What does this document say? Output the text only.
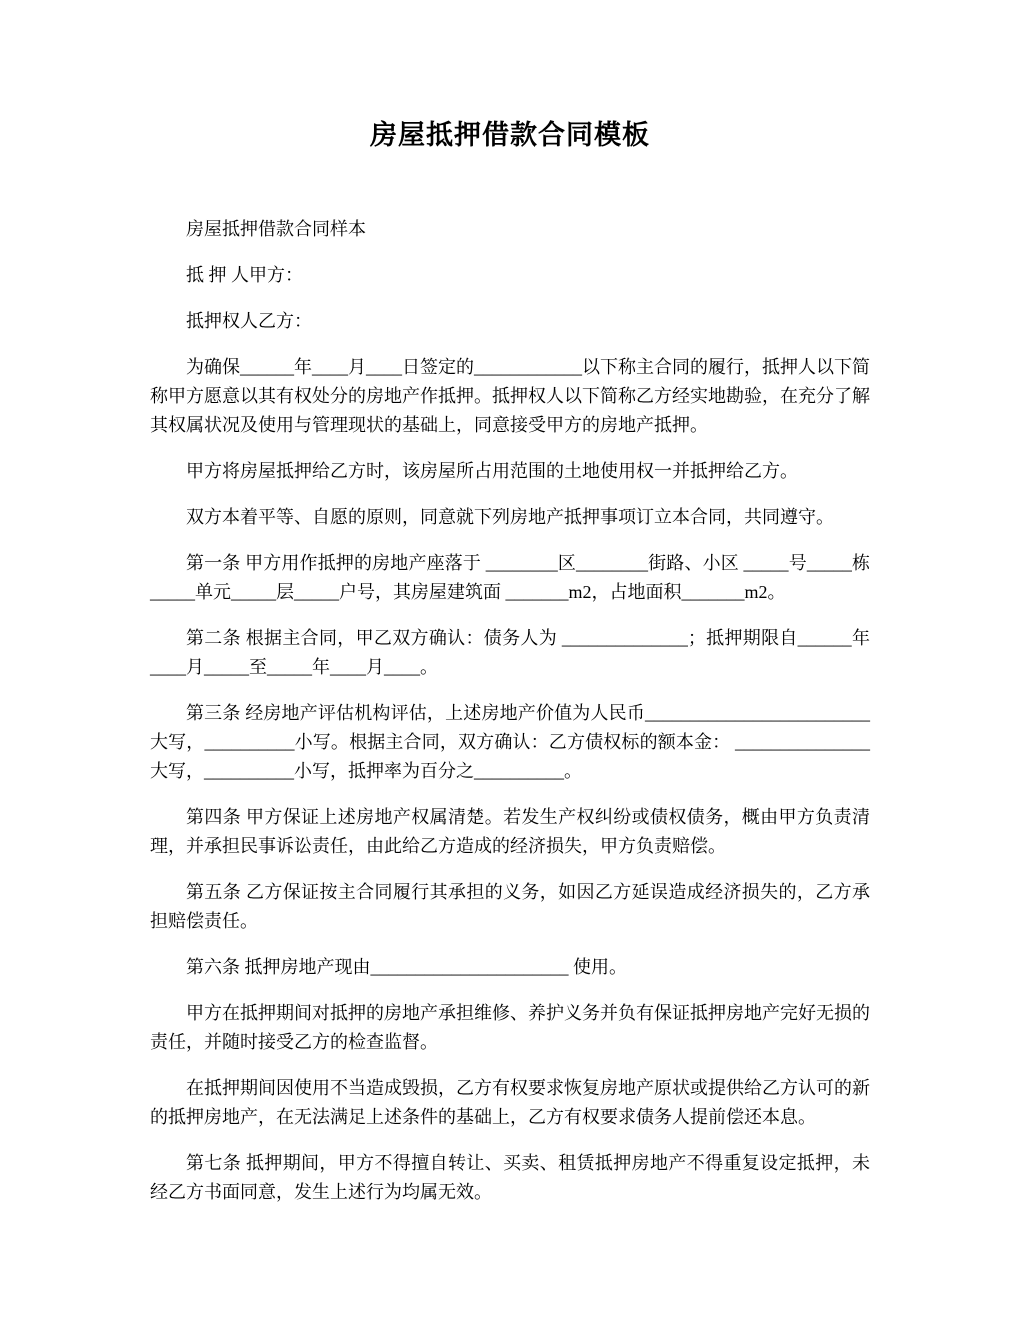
房屋抵押借款合同模板

房屋抵押借款合同样本

抵 押 人甲方：

抵押权人乙方：

为确保______年____月____日签定的____________以下称主合同的履行，抵押人以下简称甲方愿意以其有权处分的房地产作抵押。抵押权人以下简称乙方经实地勘验，在充分了解其权属状况及使用与管理现状的基础上，同意接受甲方的房地产抵押。

甲方将房屋抵押给乙方时，该房屋所占用范围的土地使用权一并抵押给乙方。

双方本着平等、自愿的原则，同意就下列房地产抵押事项订立本合同，共同遵守。

第一条 甲方用作抵押的房地产座落于 ________区________街路、小区 _____号_____栋_____单元_____层_____户号，其房屋建筑面 _______m2，占地面积_______m2。

第二条 根据主合同，甲乙双方确认：债务人为 ______________；抵押期限自______年____月_____至_____年____月____。

第三条 经房地产评估机构评估，上述房地产价值为人民币_________________________ 大写，__________小写。根据主合同，双方确认：乙方债权标的额本金： _______________大写，__________小写，抵押率为百分之__________。

第四条 甲方保证上述房地产权属清楚。若发生产权纠纷或债权债务，概由甲方负责清理，并承担民事诉讼责任，由此给乙方造成的经济损失，甲方负责赔偿。

第五条 乙方保证按主合同履行其承担的义务，如因乙方延误造成经济损失的，乙方承担赔偿责任。

第六条 抵押房地产现由______________________ 使用。

甲方在抵押期间对抵押的房地产承担维修、养护义务并负有保证抵押房地产完好无损的责任，并随时接受乙方的检查监督。

在抵押期间因使用不当造成毁损，乙方有权要求恢复房地产原状或提供给乙方认可的新的抵押房地产，在无法满足上述条件的基础上，乙方有权要求债务人提前偿还本息。

第七条 抵押期间，甲方不得擅自转让、买卖、租赁抵押房地产不得重复设定抵押，未经乙方书面同意，发生上述行为均属无效。
